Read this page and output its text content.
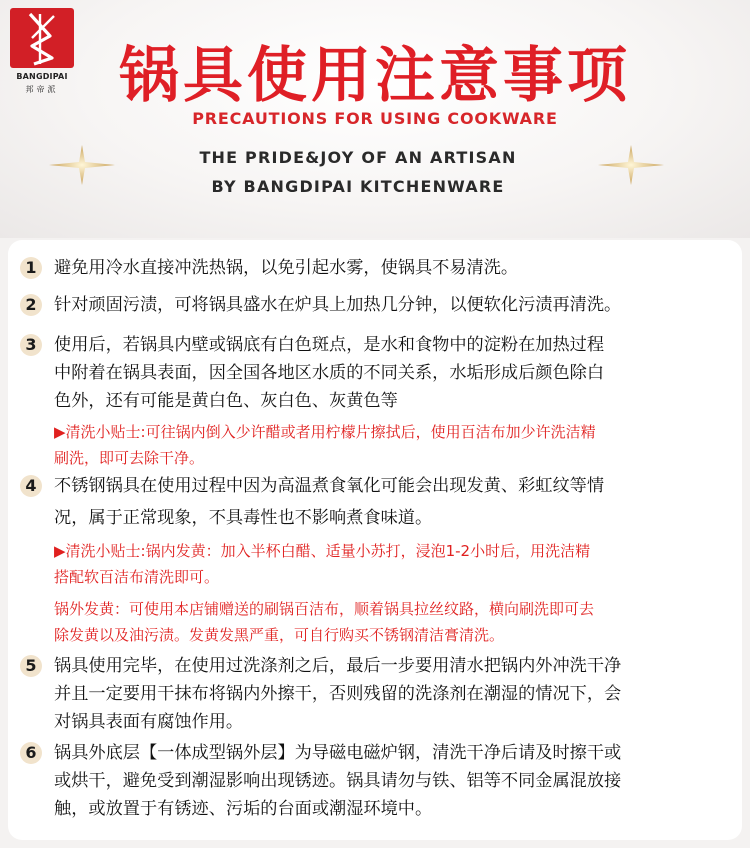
BANGDIPAI
邦帝派	锅具使用注意事项
PRECAUTIONS FOR USING COOKWARE
THE PRIDE&JOY OF AN ARTISAN
BY BANGDIPAI KITCHENWARE
1	避免用冷水直接冲洗热锅，以免引起水雾，使锅具不易清洗。
2	针对顽固污渍，可将锅具盛水在炉具上加热几分钟，以便软化污渍再清洗。
3	使用后，若锅具内壁或锅底有白色斑点，是水和食物中的淀粉在加热过程
中附着在锅具表面，因全国各地区水质的不同关系，水垢形成后颜色除白
色外，还有可能是黄白色、灰白色、灰黄色等
▶清洗小贴士:可往锅内倒入少许醋或者用柠檬片擦拭后，使用百洁布加少许洗洁精
刷洗，即可去除干净。
4	不锈钢锅具在使用过程中因为高温煮食氧化可能会出现发黄、彩虹纹等情
况，属于正常现象，不具毒性也不影响煮食味道。
▶清洗小贴士:锅内发黄：加入半杯白醋、适量小苏打，浸泡1-2小时后，用洗洁精
搭配软百洁布清洗即可。
锅外发黄：可使用本店铺赠送的刷锅百洁布，顺着锅具拉丝纹路，横向刷洗即可去
除发黄以及油污渍。发黄发黑严重，可自行购买不锈钢清洁膏清洗。
5	锅具使用完毕，在使用过洗涤剂之后，最后一步要用清水把锅内外冲洗干净
并且一定要用干抹布将锅内外擦干，否则残留的洗涤剂在潮湿的情况下，会
对锅具表面有腐蚀作用。
6	锅具外底层【一体成型锅外层】为导磁电磁炉钢，清洗干净后请及时擦干或
或烘干，避免受到潮湿影响出现锈迹。锅具请勿与铁、铝等不同金属混放接
触，或放置于有锈迹、污垢的台面或潮湿环境中。
